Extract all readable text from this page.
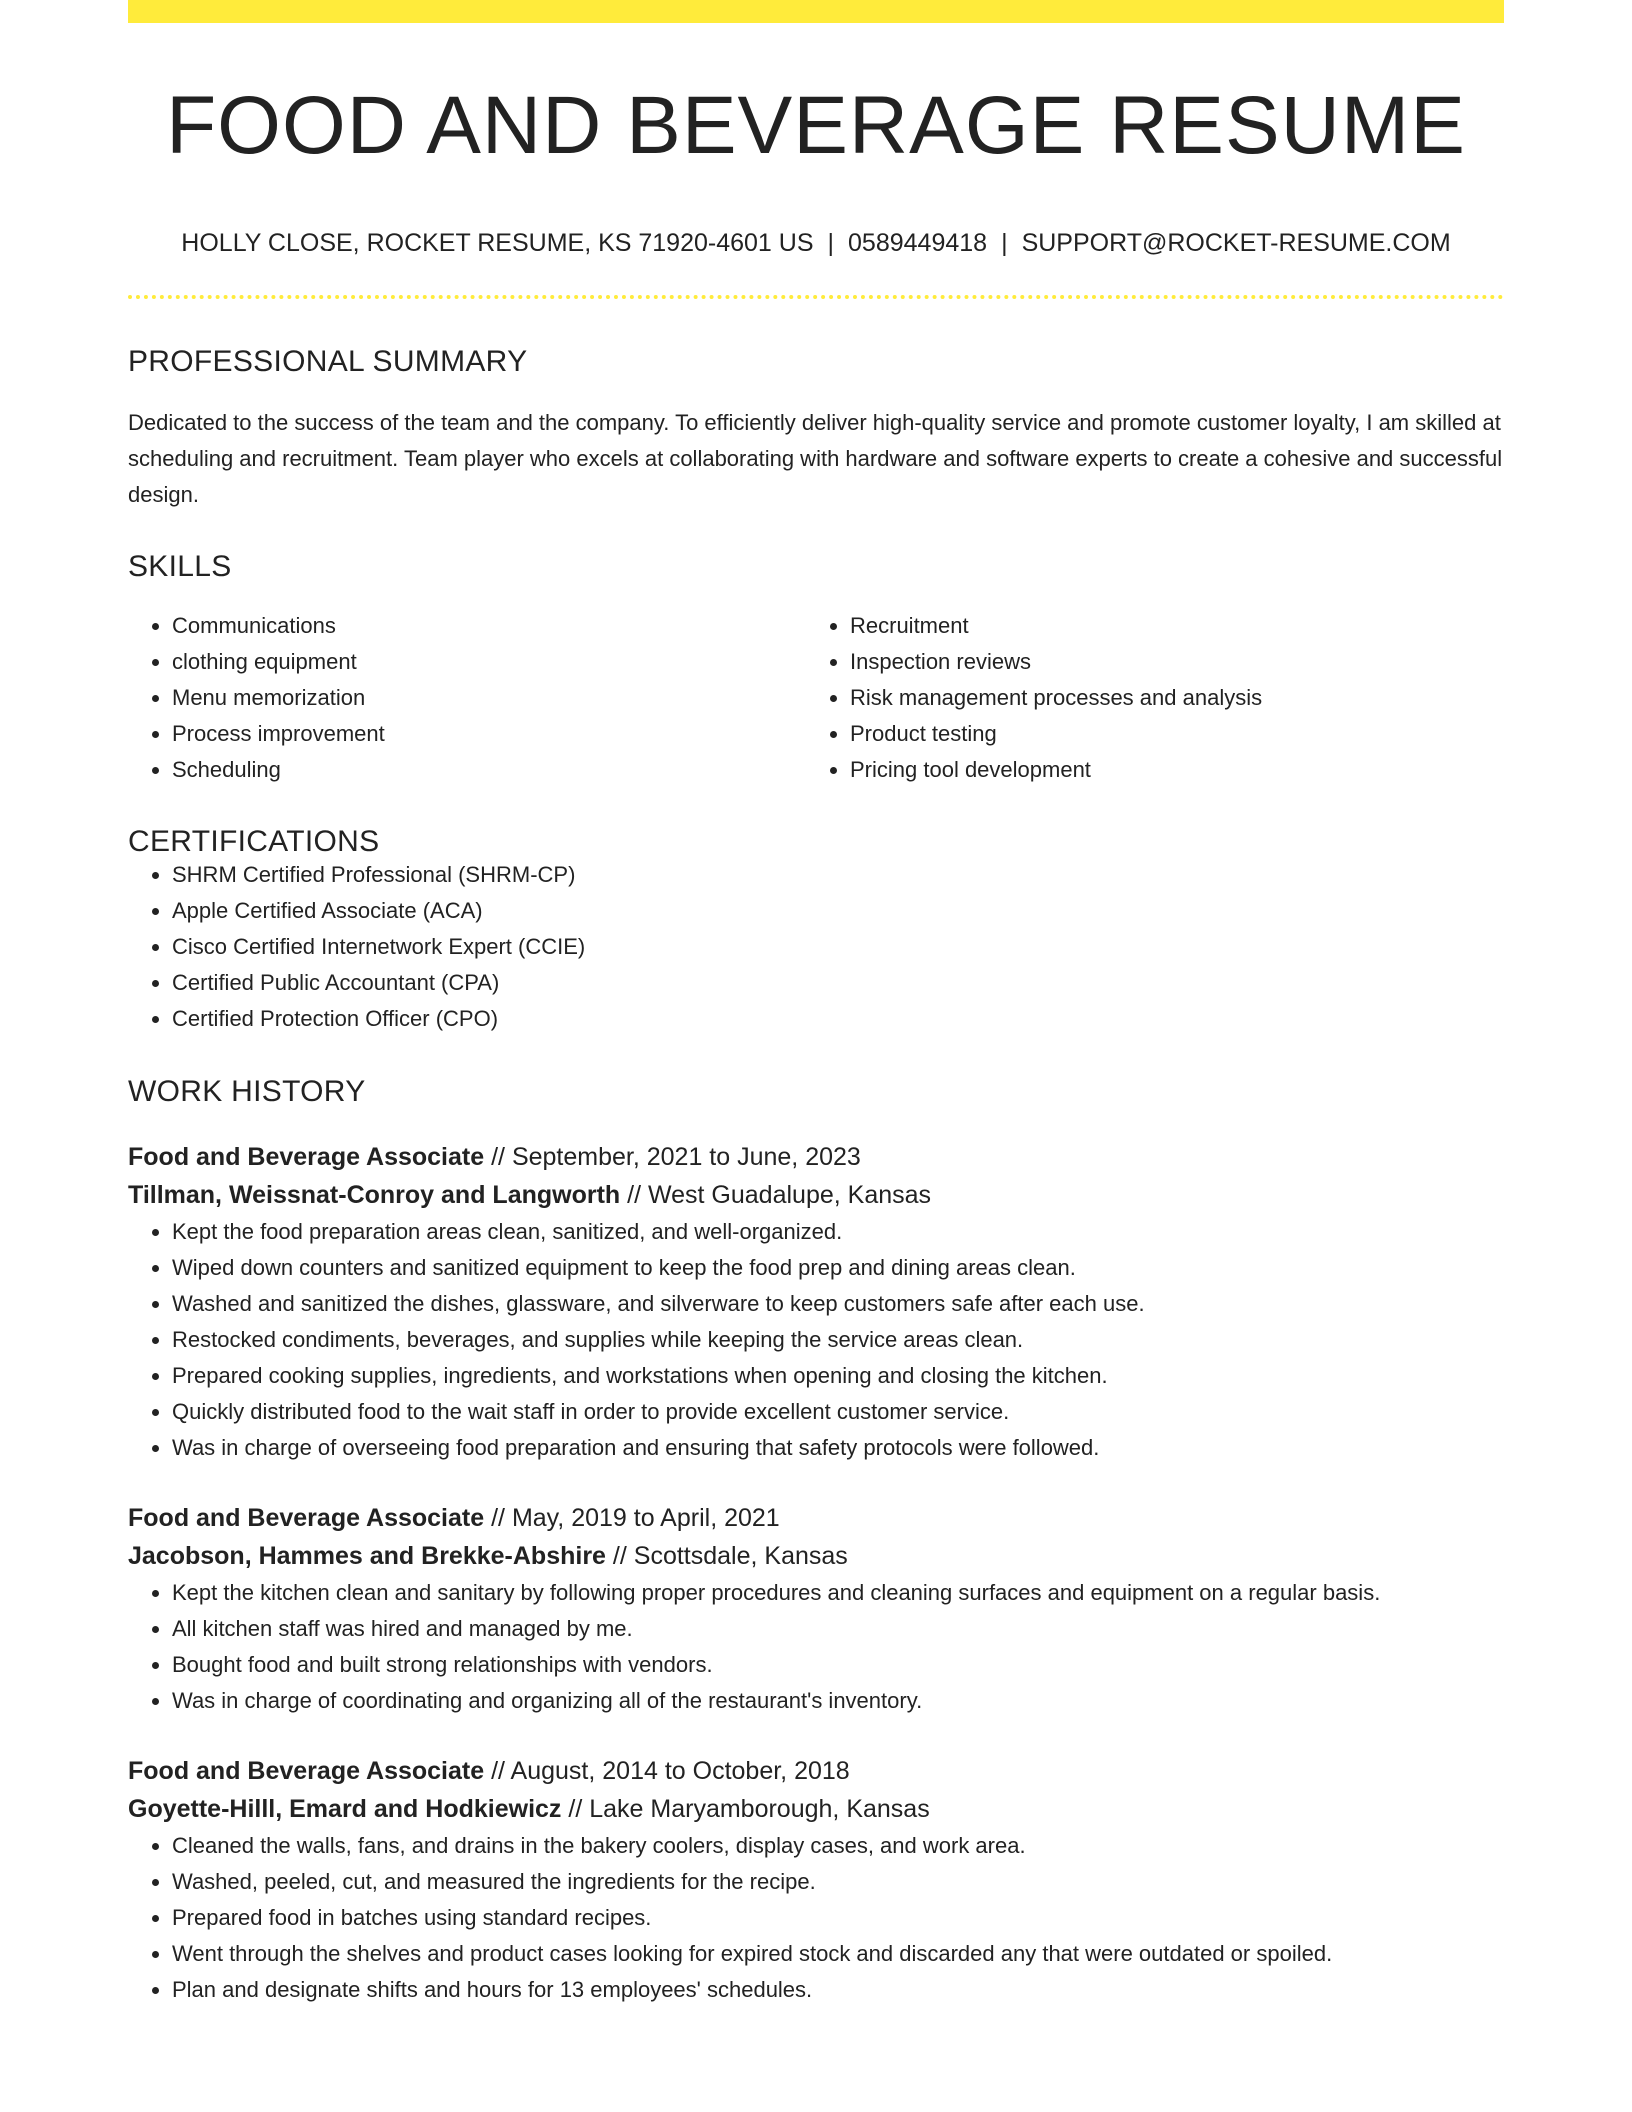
FOOD AND BEVERAGE RESUME
HOLLY CLOSE, ROCKET RESUME, KS 71920-4601 US | 0589449418 | SUPPORT@ROCKET-RESUME.COM
PROFESSIONAL SUMMARY

Dedicated to the success of the team and the company. To efficiently deliver high-quality service and promote customer loyalty, I am skilled at scheduling and recruitment. Team player who excels at collaborating with hardware and software experts to create a cohesive and successful design.

SKILLS
• Communications
• clothing equipment
• Menu memorization
• Process improvement
• Scheduling
• Recruitment
• Inspection reviews
• Risk management processes and analysis
• Product testing
• Pricing tool development
CERTIFICATIONS
• SHRM Certified Professional (SHRM-CP)
• Apple Certified Associate (ACA)
• Cisco Certified Internetwork Expert (CCIE)
• Certified Public Accountant (CPA)
• Certified Protection Officer (CPO)
WORK HISTORY
Food and Beverage Associate // September, 2021 to June, 2023
Tillman, Weissnat-Conroy and Langworth // West Guadalupe, Kansas
• Kept the food preparation areas clean, sanitized, and well-organized.
• Wiped down counters and sanitized equipment to keep the food prep and dining areas clean.
• Washed and sanitized the dishes, glassware, and silverware to keep customers safe after each use.
• Restocked condiments, beverages, and supplies while keeping the service areas clean.
• Prepared cooking supplies, ingredients, and workstations when opening and closing the kitchen.
• Quickly distributed food to the wait staff in order to provide excellent customer service.
• Was in charge of overseeing food preparation and ensuring that safety protocols were followed.
Food and Beverage Associate // May, 2019 to April, 2021
Jacobson, Hammes and Brekke-Abshire // Scottsdale, Kansas
• Kept the kitchen clean and sanitary by following proper procedures and cleaning surfaces and equipment on a regular basis.
• All kitchen staff was hired and managed by me.
• Bought food and built strong relationships with vendors.
• Was in charge of coordinating and organizing all of the restaurant's inventory.
Food and Beverage Associate // August, 2014 to October, 2018
Goyette-Hilll, Emard and Hodkiewicz // Lake Maryamborough, Kansas
• Cleaned the walls, fans, and drains in the bakery coolers, display cases, and work area.
• Washed, peeled, cut, and measured the ingredients for the recipe.
• Prepared food in batches using standard recipes.
• Went through the shelves and product cases looking for expired stock and discarded any that were outdated or spoiled.
• Plan and designate shifts and hours for 13 employees' schedules.
